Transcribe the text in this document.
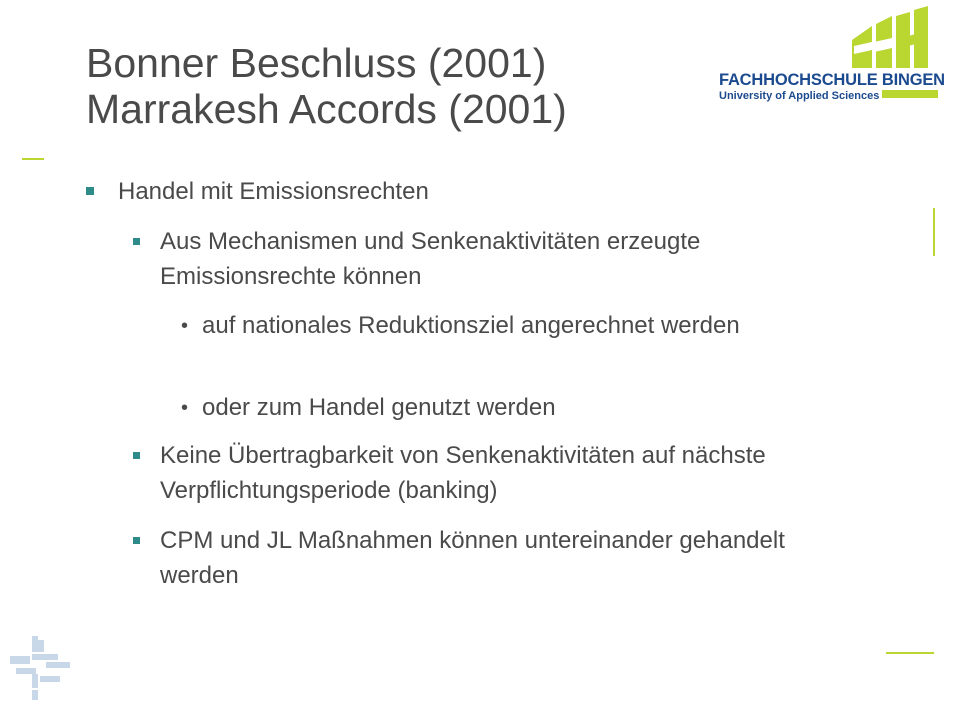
Bonner Beschluss (2001)
Marrakesh Accords (2001)
FACHHOCHSCHULE BINGEN
University of Applied Sciences
Handel mit Emissionsrechten
Aus Mechanismen und Senkenaktivitäten erzeugte Emissionsrechte können
• auf nationales Reduktionsziel angerechnet werden
• oder zum Handel genutzt werden
Keine Übertragbarkeit von Senkenaktivitäten auf nächste Verpflichtungsperiode (banking)
CPM und JL Maßnahmen können untereinander gehandelt werden
